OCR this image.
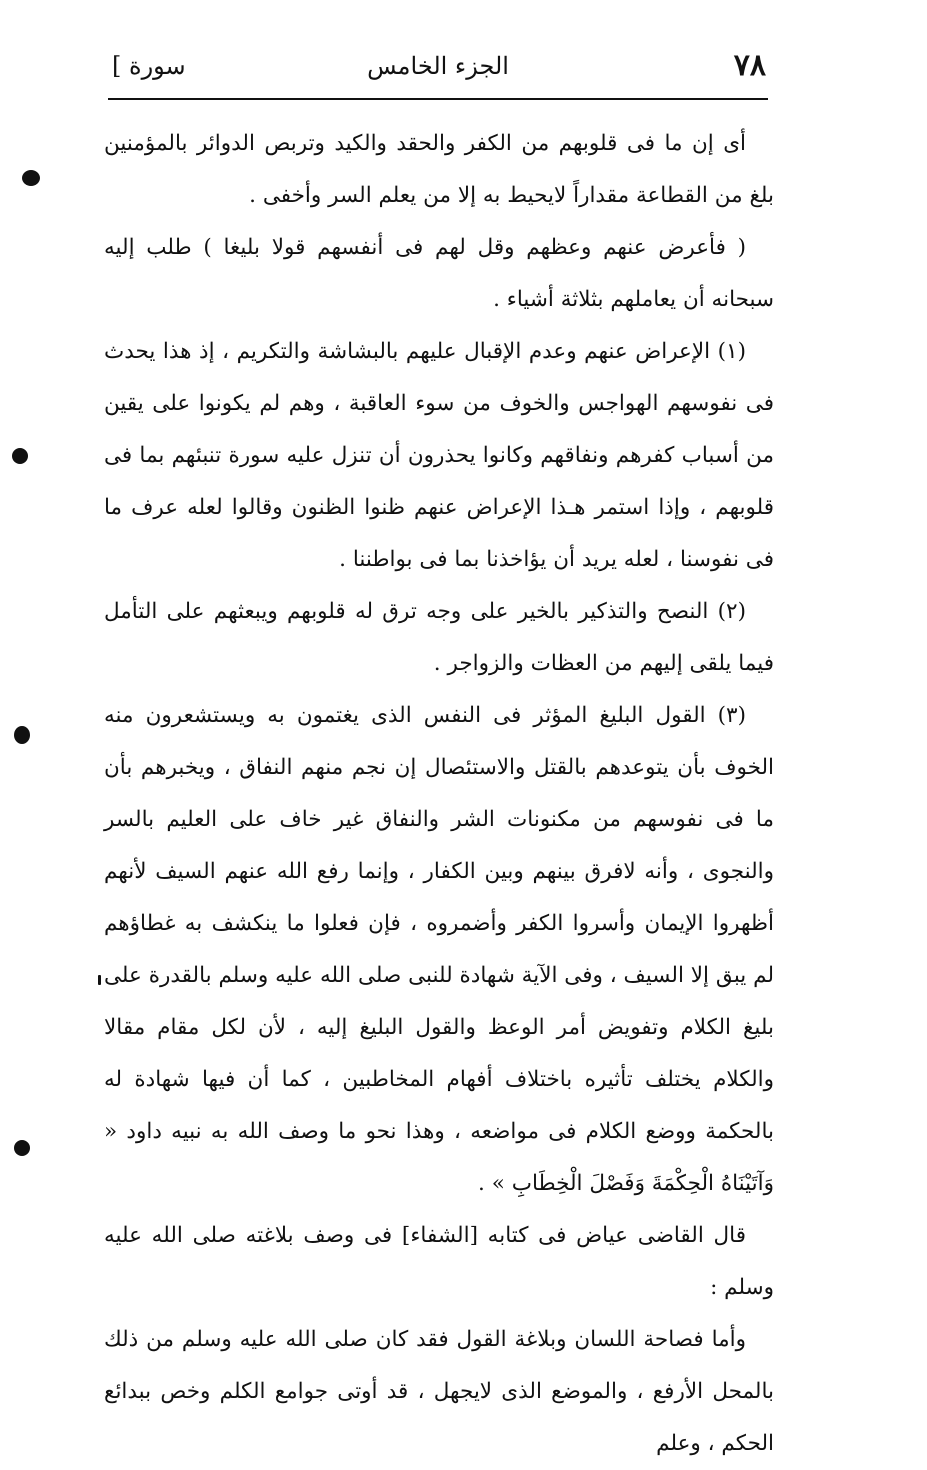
٧٨
الجزء الخامس
سورة ]

أى إن ما فى قلوبهم من الكفر والحقد والكيد وتربص الدوائر بالمؤمنين بلغ من القطاعة مقداراً لايحيط به إلا من يعلم السر وأخفى .

( فأعرض عنهم وعظهم وقل لهم فى أنفسهم قولا بليغا ) طلب إليه سبحانه أن يعاملهم بثلاثة أشياء .

(١) الإعراض عنهم وعدم الإقبال عليهم بالبشاشة والتكريم ، إذ هذا يحدث فى نفوسهم الهواجس والخوف من سوء العاقبة ، وهم لم يكونوا على يقين من أسباب كفرهم ونفاقهم وكانوا يحذرون أن تنزل عليه سورة تنبئهم بما فى قلوبهم ، وإذا استمر هـذا الإعراض عنهم ظنوا الظنون وقالوا لعله عرف ما فى نفوسنا ، لعله يريد أن يؤاخذنا بما فى بواطننا .

(٢) النصح والتذكير بالخير على وجه ترق له قلوبهم ويبعثهم على التأمل فيما يلقى إليهم من العظات والزواجر .

(٣) القول البليغ المؤثر فى النفس الذى يغتمون به ويستشعرون منه الخوف بأن يتوعدهم بالقتل والاستئصال إن نجم منهم النفاق ، ويخبرهم بأن ما فى نفوسهم من مكنونات الشر والنفاق غير خاف على العليم بالسر والنجوى ، وأنه لافرق بينهم وبين الكفار ، وإنما رفع الله عنهم السيف لأنهم أظهروا الإيمان وأسروا الكفر وأضمروه ، فإن فعلوا ما ينكشف به غطاؤهم لم يبق إلا السيف ، وفى الآية شهادة للنبى صلى الله عليه وسلم بالقدرة على بليغ الكلام وتفويض أمر الوعظ والقول البليغ إليه ، لأن لكل مقام مقالا والكلام يختلف تأثيره باختلاف أفهام المخاطبين ، كما أن فيها شهادة له بالحكمة ووضع الكلام فى مواضعه ، وهذا نحو ما وصف الله به نبيه داود « وَآتَيْنَاهُ الْحِكْمَةَ وَفَصْلَ الْخِطَابِ » .

قال القاضى عياض فى كتابه [الشفاء] فى وصف بلاغته صلى الله عليه وسلم :

وأما فصاحة اللسان وبلاغة القول فقد كان صلى الله عليه وسلم من ذلك بالمحل الأرفع ، والموضع الذى لايجهل ، قد أوتى جوامع الكلم وخص ببدائع الحكم ، وعلم
